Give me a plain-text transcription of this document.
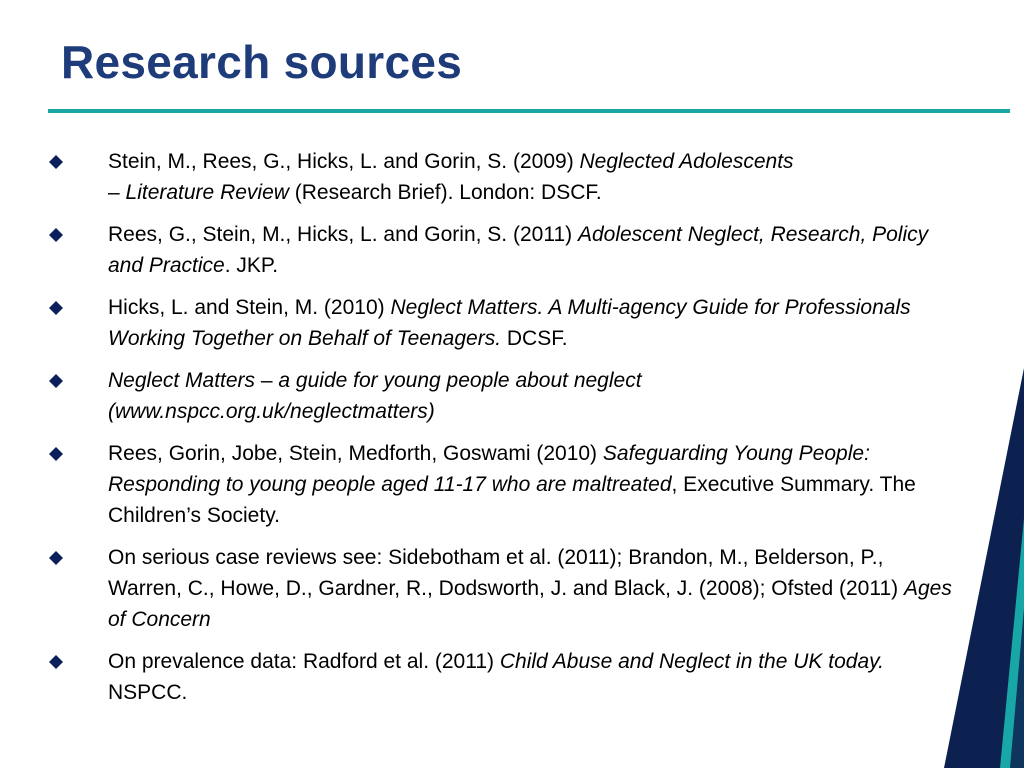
Research sources
Stein, M., Rees, G., Hicks, L. and Gorin, S. (2009) Neglected Adolescents
– Literature Review (Research Brief). London: DSCF.
Rees, G., Stein, M., Hicks, L. and Gorin, S. (2011) Adolescent Neglect, Research, Policy and Practice. JKP.
Hicks, L. and Stein, M. (2010) Neglect Matters. A Multi-agency Guide for Professionals Working Together on Behalf of Teenagers. DCSF.
Neglect Matters – a guide for young people about neglect (www.nspcc.org.uk/neglectmatters)
Rees, Gorin, Jobe, Stein, Medforth, Goswami (2010) Safeguarding Young People: Responding to young people aged 11-17 who are maltreated, Executive Summary. The Children’s Society.
On serious case reviews see: Sidebotham et al. (2011); Brandon, M., Belderson, P., Warren, C., Howe, D., Gardner, R., Dodsworth, J. and Black, J. (2008); Ofsted (2011) Ages of Concern
On prevalence data: Radford et al. (2011) Child Abuse and Neglect in the UK today. NSPCC.
